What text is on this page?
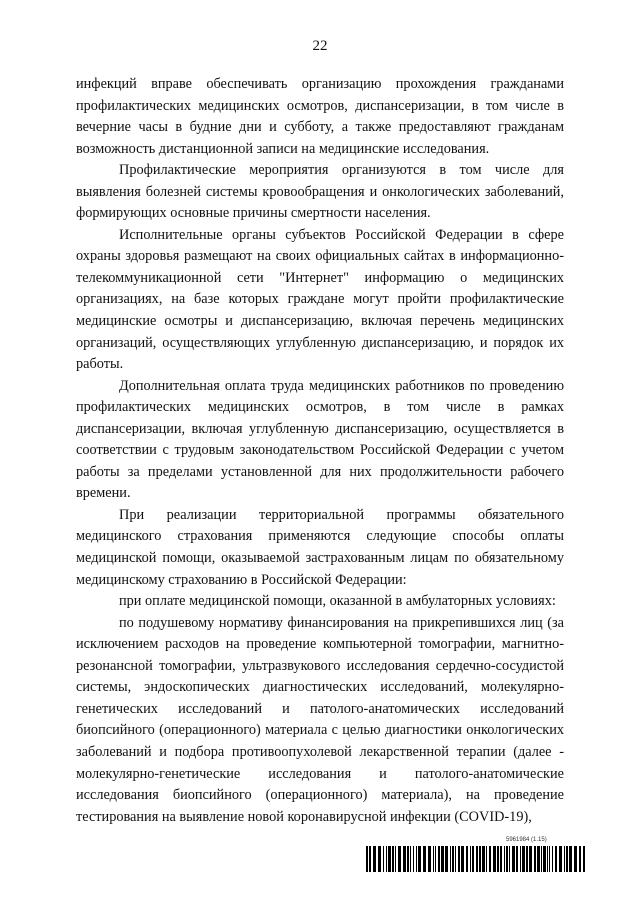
22

инфекций вправе обеспечивать организацию прохождения гражданами профилактических медицинских осмотров, диспансеризации, в том числе в вечерние часы в будние дни и субботу, а также предоставляют гражданам возможность дистанционной записи на медицинские исследования.

Профилактические мероприятия организуются в том числе для выявления болезней системы кровообращения и онкологических заболеваний, формирующих основные причины смертности населения.

Исполнительные органы субъектов Российской Федерации в сфере охраны здоровья размещают на своих официальных сайтах в информационно-телекоммуникационной сети "Интернет" информацию о медицинских организациях, на базе которых граждане могут пройти профилактические медицинские осмотры и диспансеризацию, включая перечень медицинских организаций, осуществляющих углубленную диспансеризацию, и порядок их работы.

Дополнительная оплата труда медицинских работников по проведению профилактических медицинских осмотров, в том числе в рамках диспансеризации, включая углубленную диспансеризацию, осуществляется в соответствии с трудовым законодательством Российской Федерации с учетом работы за пределами установленной для них продолжительности рабочего времени.

При реализации территориальной программы обязательного медицинского страхования применяются следующие способы оплаты медицинской помощи, оказываемой застрахованным лицам по обязательному медицинскому страхованию в Российской Федерации:

при оплате медицинской помощи, оказанной в амбулаторных условиях:

по подушевому нормативу финансирования на прикрепившихся лиц (за исключением расходов на проведение компьютерной томографии, магнитно-резонансной томографии, ультразвукового исследования сердечно-сосудистой системы, эндоскопических диагностических исследований, молекулярно-генетических исследований и патолого-анатомических исследований биопсийного (операционного) материала с целью диагностики онкологических заболеваний и подбора противоопухолевой лекарственной терапии (далее - молекулярно-генетические исследования и патолого-анатомические исследования биопсийного (операционного) материала), на проведение тестирования на выявление новой коронавирусной инфекции (COVID-19),

5961984 (1.15)
